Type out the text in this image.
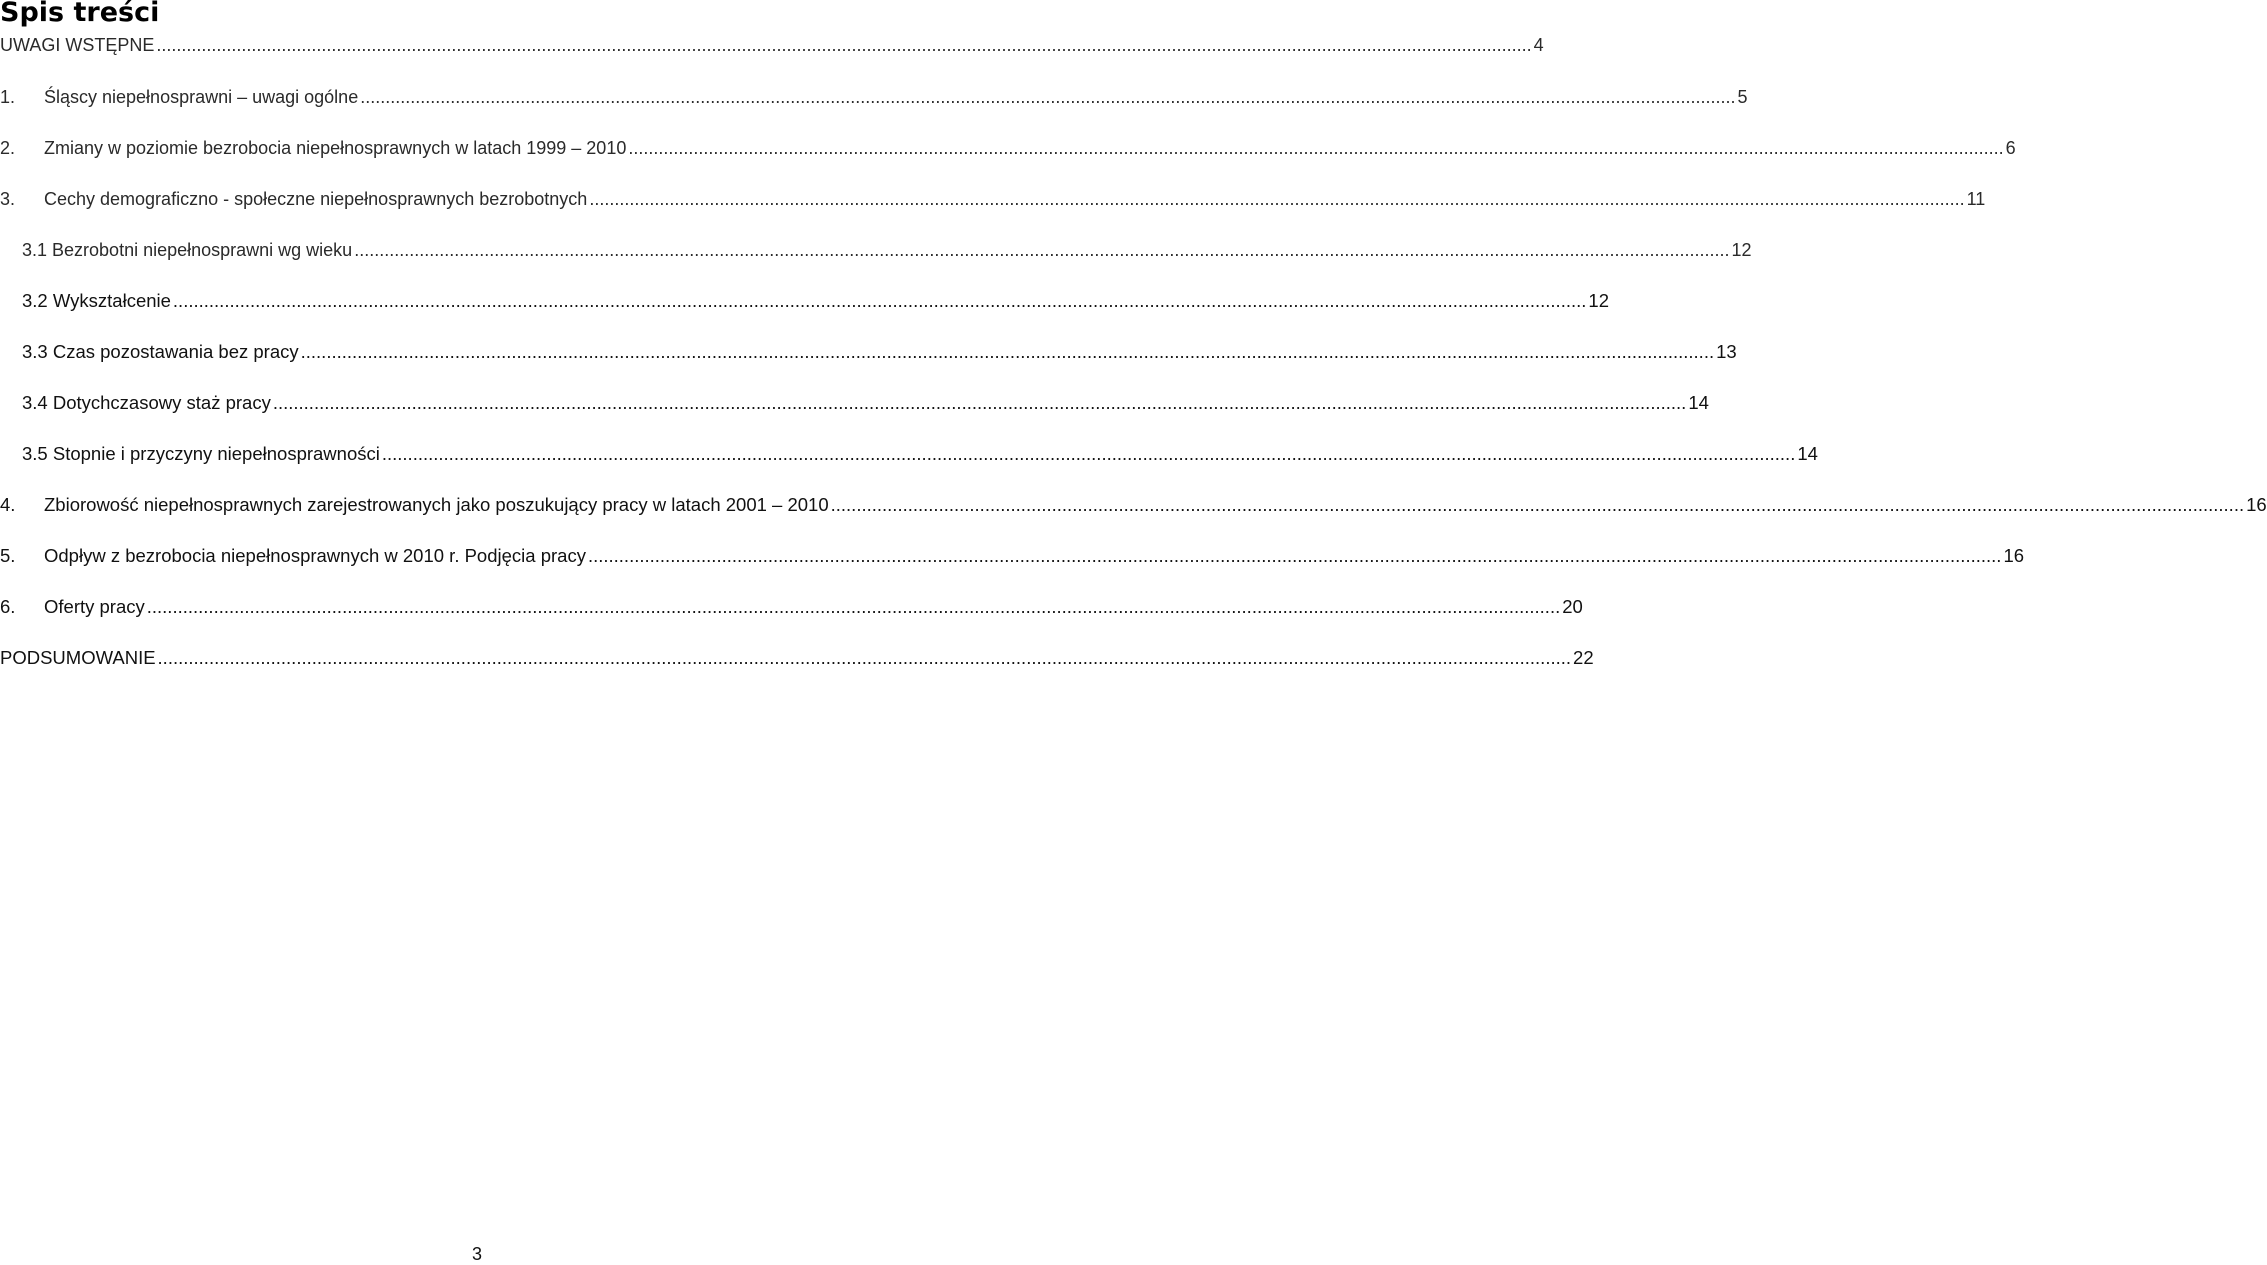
Spis treści
UWAGI WSTĘPNE .....	4
1.	Śląscy niepełnosprawni – uwagi ogólne .....	5
2.	Zmiany w poziomie bezrobocia niepełnosprawnych w latach 1999 – 2010 .....	6
3.	Cechy demograficzno - społeczne niepełnosprawnych bezrobotnych .....	11
3.1 Bezrobotni niepełnosprawni wg wieku .....	12
3.2 Wykształcenie .....	12
3.3 Czas pozostawania bez pracy .....	13
3.4 Dotychczasowy staż pracy .....	14
3.5 Stopnie i przyczyny niepełnosprawności .....	14
4.	Zbiorowość niepełnosprawnych zarejestrowanych jako poszukujący pracy w latach 2001 – 2010 .....	16
5.	Odpływ z bezrobocia niepełnosprawnych w 2010 r. Podjęcia pracy .....	16
6.	Oferty pracy .....	20
PODSUMOWANIE .....	22
3
